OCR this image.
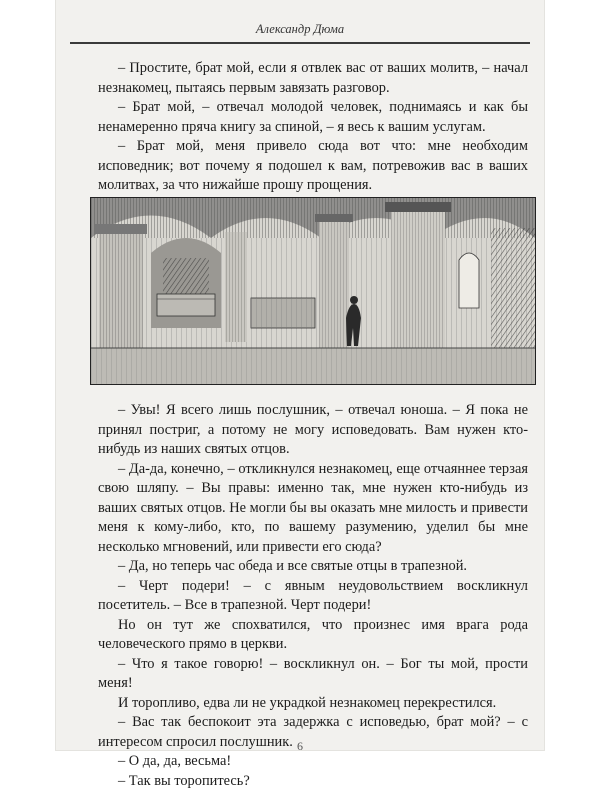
Александр Дюма

– Простите, брат мой, если я отвлек вас от ваших молитв, – начал незнакомец, пытаясь первым завязать разговор.

– Брат мой, – отвечал молодой человек, поднимаясь и как бы ненамеренно пряча книгу за спиной, – я весь к вашим услугам.

– Брат мой, меня привело сюда вот что: мне необходим исповедник; вот почему я подошел к вам, потревожив вас в ваших молитвах, за что нижайше прошу прощения.

– Увы! Я всего лишь послушник, – отвечал юноша. – Я пока не принял постриг, а потому не могу исповедовать. Вам нужен кто-нибудь из наших святых отцов.

– Да-да, конечно, – откликнулся незнакомец, еще отчаяннее терзая свою шляпу. – Вы правы: именно так, мне нужен кто-нибудь из ваших святых отцов. Не могли бы вы оказать мне милость и привести меня к кому-либо, кто, по вашему разумению, уделил бы мне несколько мгновений, или привести его сюда?

– Да, но теперь час обеда и все святые отцы в трапезной.

– Черт подери! – с явным неудовольствием воскликнул посетитель. – Все в трапезной. Черт подери!

Но он тут же спохватился, что произнес имя врага рода человеческого прямо в церкви.

– Что я такое говорю! – воскликнул он. – Бог ты мой, прости меня!

И торопливо, едва ли не украдкой незнакомец перекрестился.

– Вас так беспокоит эта задержка с исповедью, брат мой? – с интересом спросил послушник.

– О да, да, весьма!

– Так вы торопитесь?

6
